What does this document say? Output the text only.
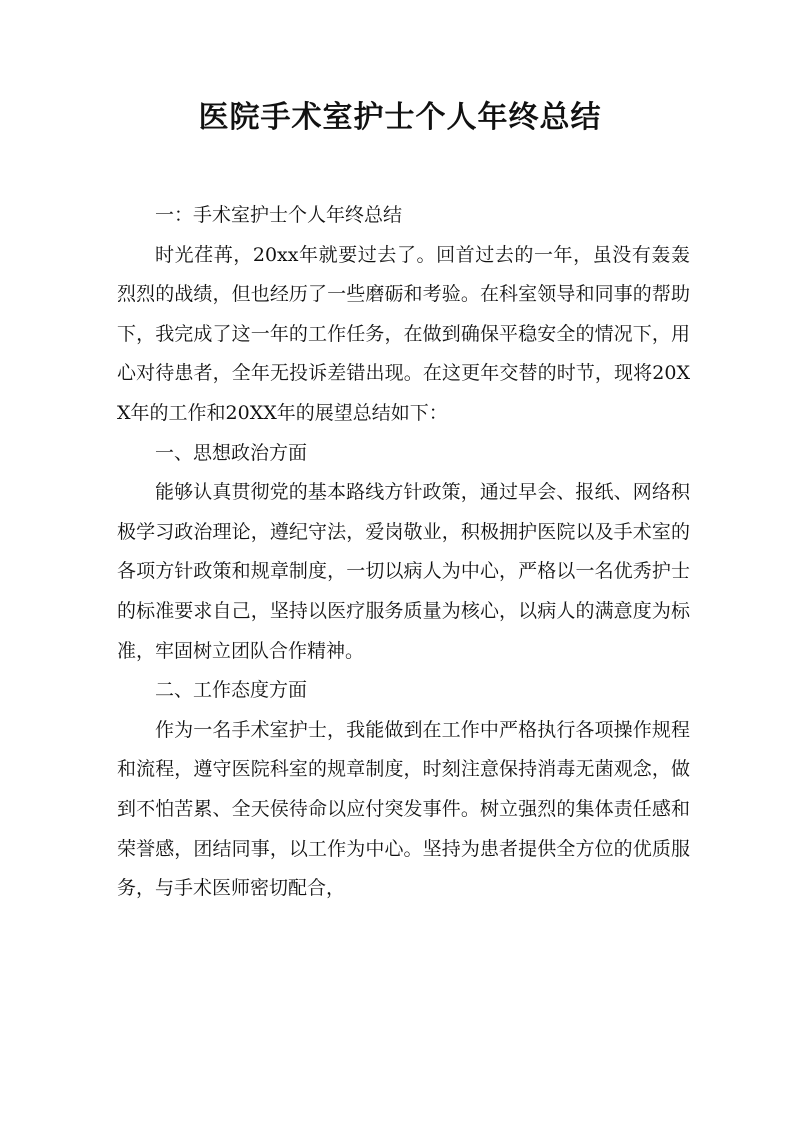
医院手术室护士个人年终总结

一：手术室护士个人年终总结

时光荏苒，20xx年就要过去了。回首过去的一年，虽没有轰轰烈烈的战绩，但也经历了一些磨砺和考验。在科室领导和同事的帮助下，我完成了这一年的工作任务，在做到确保平稳安全的情况下，用心对待患者，全年无投诉差错出现。在这更年交替的时节，现将20XX年的工作和20XX年的展望总结如下：

一、思想政治方面

能够认真贯彻党的基本路线方针政策，通过早会、报纸、网络积极学习政治理论，遵纪守法，爱岗敬业，积极拥护医院以及手术室的各项方针政策和规章制度，一切以病人为中心，严格以一名优秀护士的标准要求自己，坚持以医疗服务质量为核心，以病人的满意度为标准，牢固树立团队合作精神。

二、工作态度方面

作为一名手术室护士，我能做到在工作中严格执行各项操作规程和流程，遵守医院科室的规章制度，时刻注意保持消毒无菌观念，做到不怕苦累、全天侯待命以应付突发事件。树立强烈的集体责任感和荣誉感，团结同事，以工作为中心。坚持为患者提供全方位的优质服务，与手术医师密切配合，
